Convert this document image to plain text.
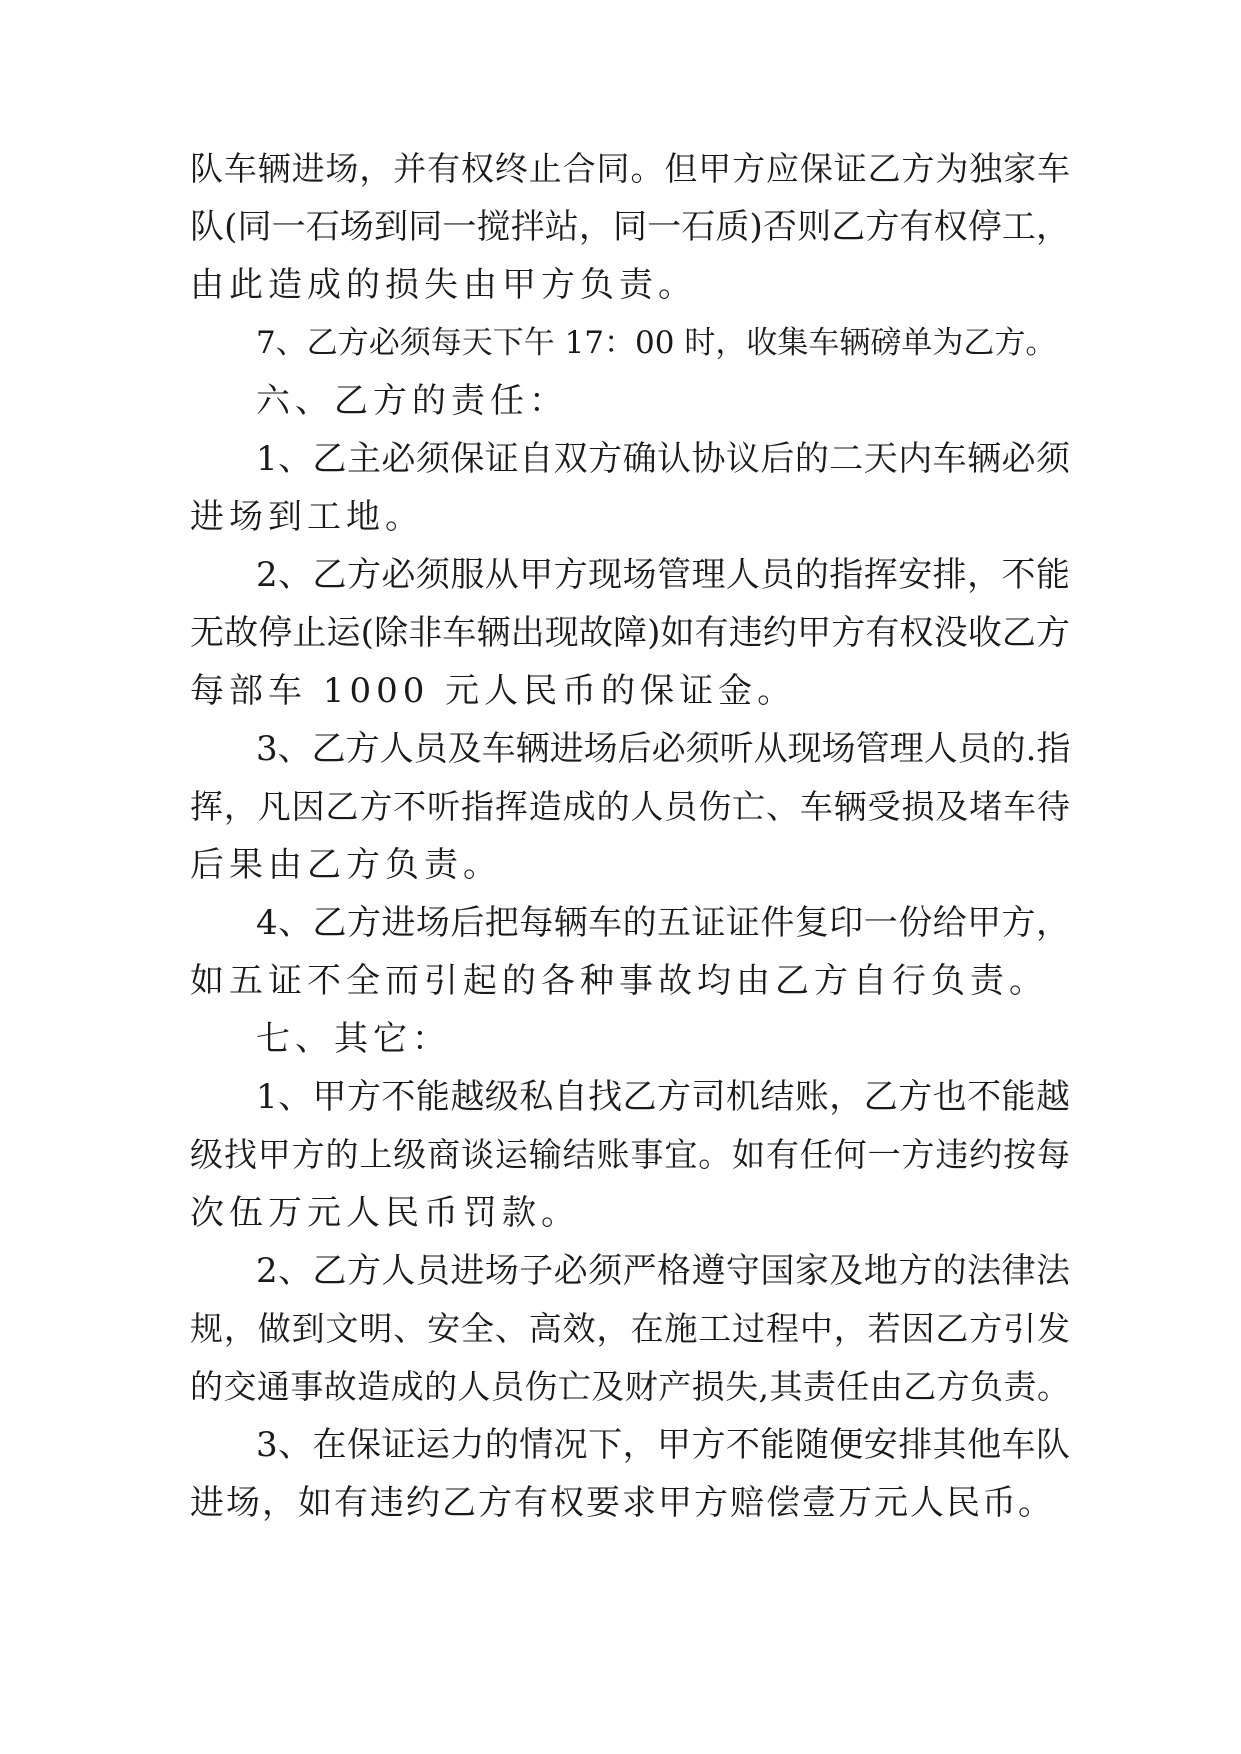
队车辆进场，并有权终止合同。但甲方应保证乙方为独家车

队(同一石场到同一搅拌站，同一石质)否则乙方有权停工，

由此造成的损失由甲方负责。

7、乙方必须每天下午 17：00 时，收集车辆磅单为乙方。

六、乙方的责任：

1、乙主必须保证自双方确认协议后的二天内车辆必须

进场到工地。

2、乙方必须服从甲方现场管理人员的指挥安排，不能

无故停止运(除非车辆出现故障)如有违约甲方有权没收乙方

每部车 1000 元人民币的保证金。

3、乙方人员及车辆进场后必须听从现场管理人员的.指

挥，凡因乙方不听指挥造成的人员伤亡、车辆受损及堵车待

后果由乙方负责。

4、乙方进场后把每辆车的五证证件复印一份给甲方，

如五证不全而引起的各种事故均由乙方自行负责。

七、其它：

1、甲方不能越级私自找乙方司机结账，乙方也不能越

级找甲方的上级商谈运输结账事宜。如有任何一方违约按每

次伍万元人民币罚款。

2、乙方人员进场子必须严格遵守国家及地方的法律法

规，做到文明、安全、高效，在施工过程中，若因乙方引发

的交通事故造成的人员伤亡及财产损失,其责任由乙方负责。

3、在保证运力的情况下，甲方不能随便安排其他车队

进场，如有违约乙方有权要求甲方赔偿壹万元人民币。
